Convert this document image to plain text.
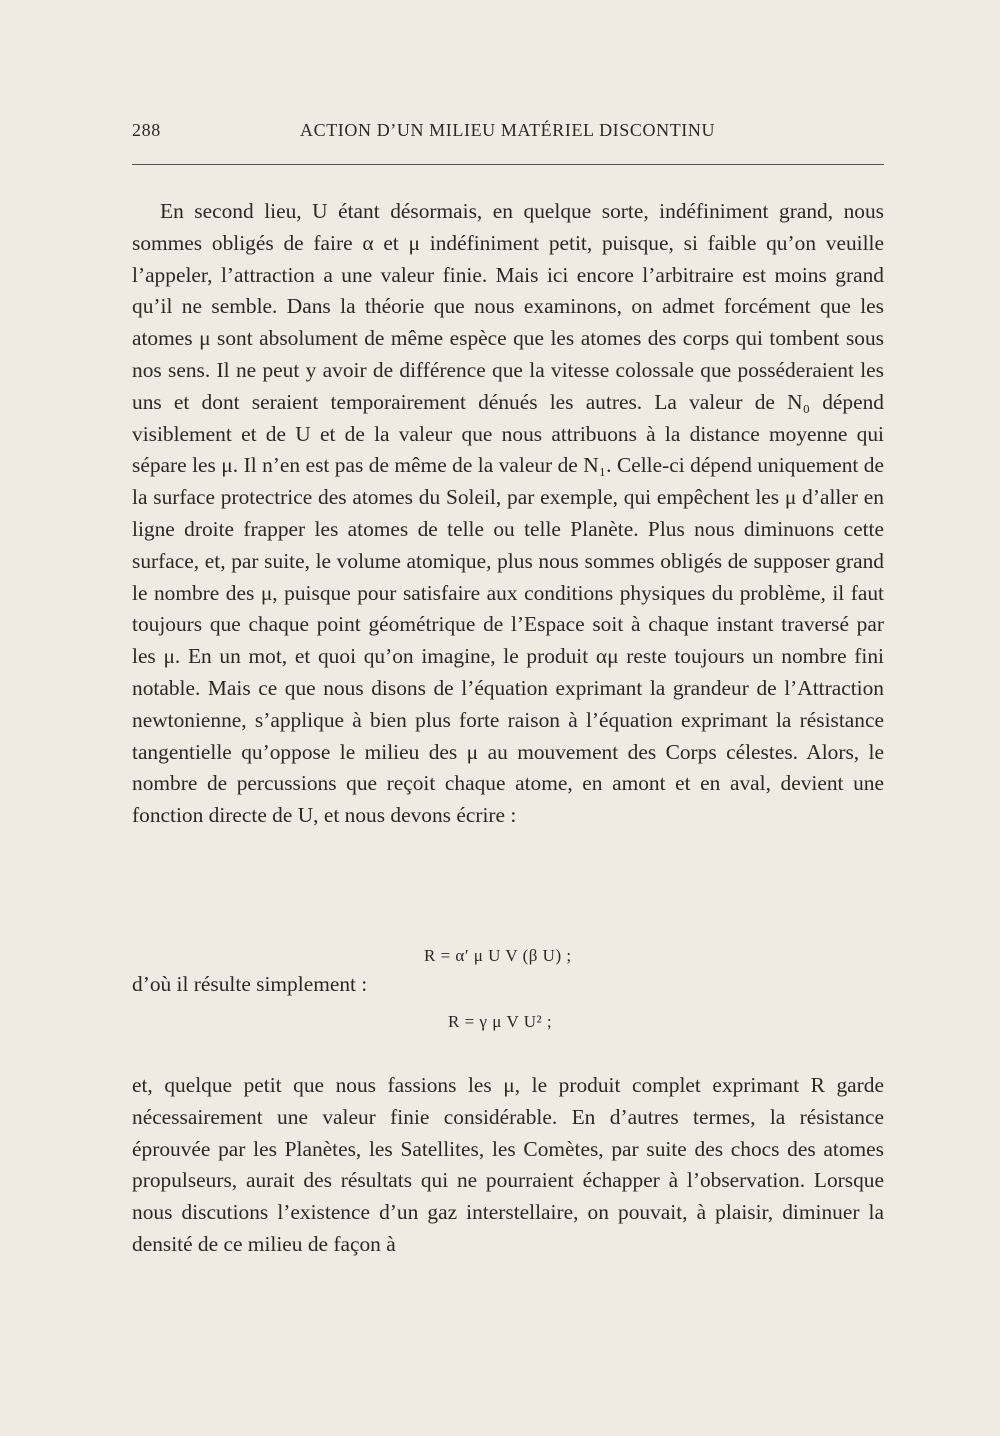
288	ACTION D’UN MILIEU MATÉRIEL DISCONTINU

En second lieu, U étant désormais, en quelque sorte, indéfiniment grand, nous sommes obligés de faire α et μ indéfiniment petit, puisque, si faible qu’on veuille l’appeler, l’attraction a une valeur finie. Mais ici encore l’arbitraire est moins grand qu’il ne semble. Dans la théorie que nous examinons, on admet forcément que les atomes μ sont absolument de même espèce que les atomes des corps qui tombent sous nos sens. Il ne peut y avoir de différence que la vitesse colossale que posséderaient les uns et dont seraient temporairement dénués les autres. La valeur de N₀ dépend visiblement et de U et de la valeur que nous attribuons à la distance moyenne qui sépare les μ. Il n’en est pas de même de la valeur de N₁. Celle-ci dépend uniquement de la surface protectrice des atomes du Soleil, par exemple, qui empêchent les μ d’aller en ligne droite frapper les atomes de telle ou telle Planète. Plus nous diminuons cette surface, et, par suite, le volume atomique, plus nous sommes obligés de supposer grand le nombre des μ, puisque pour satisfaire aux conditions physiques du problème, il faut toujours que chaque point géométrique de l’Espace soit à chaque instant traversé par les μ. En un mot, et quoi qu’on imagine, le produit αμ reste toujours un nombre fini notable. Mais ce que nous disons de l’équation exprimant la grandeur de l’Attraction newtonienne, s’applique à bien plus forte raison à l’équation exprimant la résistance tangentielle qu’oppose le milieu des μ au mouvement des Corps célestes. Alors, le nombre de percussions que reçoit chaque atome, en amont et en aval, devient une fonction directe de U, et nous devons écrire :

R = α′ μ U V (β U) ;
d’où il résulte simplement :
R = γ μ V U² ;

et, quelque petit que nous fassions les μ, le produit complet exprimant R garde nécessairement une valeur finie considérable. En d’autres termes, la résistance éprouvée par les Planètes, les Satellites, les Comètes, par suite des chocs des atomes propulseurs, aurait des résultats qui ne pourraient échapper à l’observation. Lorsque nous discutions l’existence d’un gaz interstellaire, on pouvait, à plaisir, diminuer la densité de ce milieu de façon à
